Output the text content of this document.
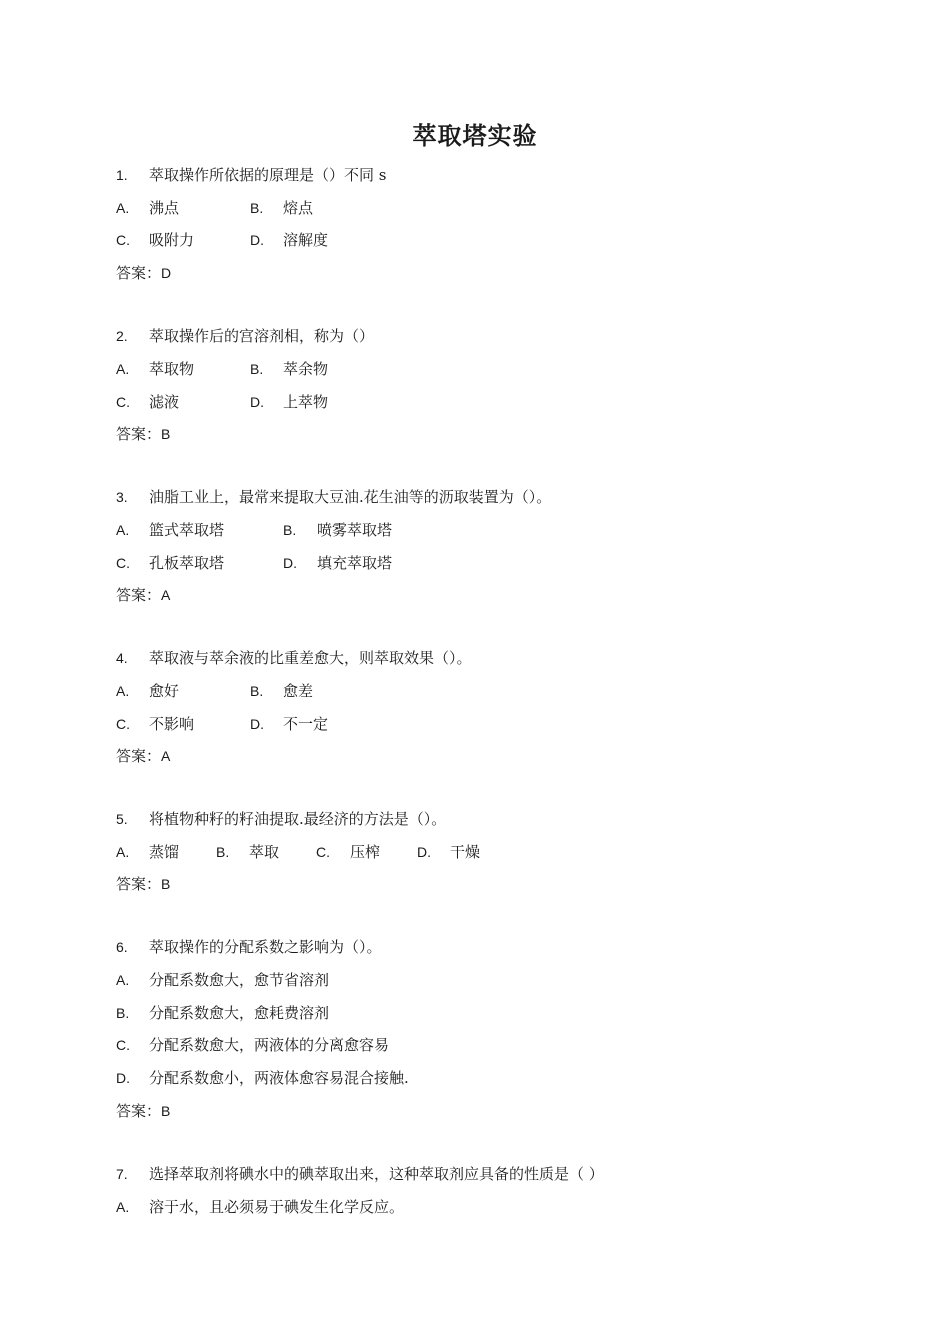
萃取塔实验
1. 萃取操作所依据的原理是（）不同 s
A. 沸点	B. 熔点
C. 吸附力	D. 溶解度
答案：D
2. 萃取操作后的宫溶剂相，称为（）
A. 萃取物	B. 萃余物
C. 滤液	D. 上萃物
答案：B
3. 油脂工业上，最常来提取大豆油.花生油等的沥取装置为（）。
A. 篮式萃取塔	B. 喷雾萃取塔
C. 孔板萃取塔	D. 填充萃取塔
答案：A
4. 萃取液与萃余液的比重差愈大，则萃取效果（）。
A. 愈好	B. 愈差
C. 不影响	D. 不一定
答案：A
5. 将植物种籽的籽油提取.最经济的方法是（）。
A. 蒸馏	B. 萃取	C. 压榨	D. 干燥
答案：B
6. 萃取操作的分配系数之影响为（）。
A. 分配系数愈大，愈节省溶剂
B. 分配系数愈大，愈耗费溶剂
C. 分配系数愈大，两液体的分离愈容易
D. 分配系数愈小，两液体愈容易混合接触.
答案：B
7. 选择萃取剂将碘水中的碘萃取出来，这种萃取剂应具备的性质是（ ）
A. 溶于水，且必须易于碘发生化学反应。
